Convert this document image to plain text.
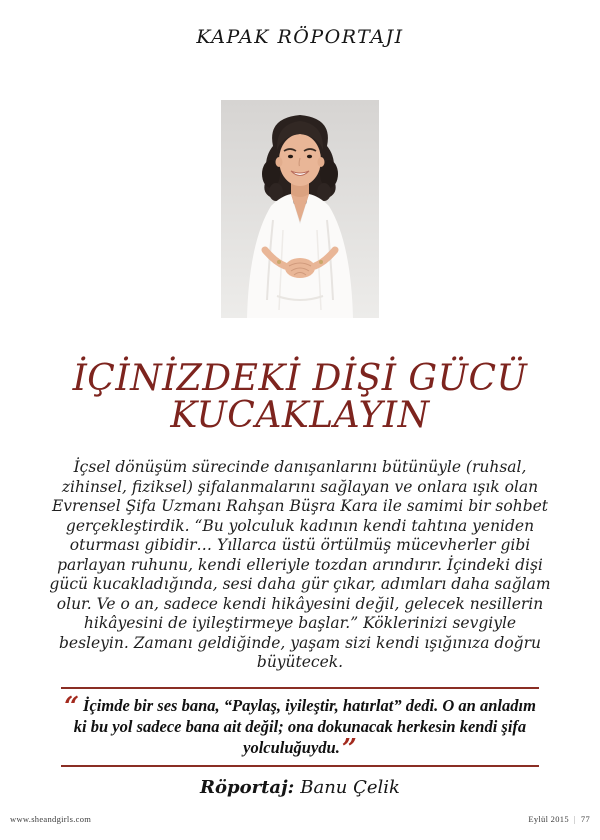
KAPAK RÖPORTAJI
İÇİNİZDEKİ DİŞİ GÜCÜ
KUCAKLAYIN

İçsel dönüşüm sürecinde danışanlarını bütünüyle (ruhsal, zihinsel, fiziksel) şifalanmalarını sağlayan ve onlara ışık olan Evrensel Şifa Uzmanı Rahşan Büşra Kara ile samimi bir sohbet gerçekleştirdik. “Bu yolculuk kadının kendi tahtına yeniden oturması gibidir… Yıllarca üstü örtülmüş mücevherler gibi parlayan ruhunu, kendi elleriyle tozdan arındırır. İçindeki dişi gücü kucakladığında, sesi daha gür çıkar, adımları daha sağlam olur. Ve o an, sadece kendi hikâyesini değil, gelecek nesillerin hikâyesini de iyileştirmeye başlar.” Köklerinizi sevgiyle besleyin. Zamanı geldiğinde, yaşam sizi kendi ışığınıza doğru büyütecek.

“ İçimde bir ses bana, “Paylaş, iyileştir, hatırlat” dedi. O an anladım ki bu yol sadece bana ait değil; ona dokunacak herkesin kendi şifa yolculuğuydu.”
Röportaj: Banu Çelik
www.sheandgirls.com	Eylül 2015 | 77
